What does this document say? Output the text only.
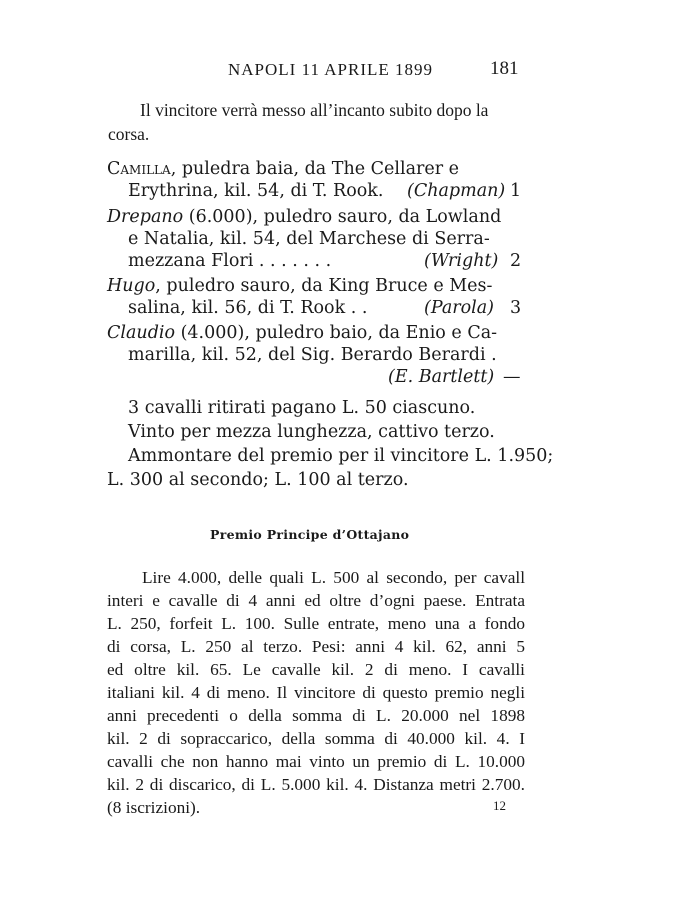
NAPOLI 11 APRILE 1899	181
Il vincitore verrà messo all’incanto subito dopo la
corsa.
Camilla, puledra baia, da The Cellarer e
Erythrina, kil. 54, di T. Rook. (Chapman) 1
Drepano (6.000), puledro sauro, da Lowland
e Natalia, kil. 54, del Marchese di Serra-
mezzana Flori . . . . . . .	(Wright) 2
Hugo, puledro sauro, da King Bruce e Mes-
salina, kil. 56, di T. Rook . .	(Parola) 3
Claudio (4.000), puledro baio, da Enio e Ca-
marilla, kil. 52, del Sig. Berardo Berardi .
(E. Bartlett) —
3 cavalli ritirati pagano L. 50 ciascuno.
Vinto per mezza lunghezza, cattivo terzo.
Ammontare del premio per il vincitore L. 1.950;
L. 300 al secondo; L. 100 al terzo.
Premio Principe d’Ottajano
Lire 4.000, delle quali L. 500 al secondo, per cavall
interi e cavalle di 4 anni ed oltre d’ogni paese. Entrata
L. 250, forfeit L. 100. Sulle entrate, meno una a fondo
di corsa, L. 250 al terzo. Pesi: anni 4 kil. 62, anni 5
ed oltre kil. 65. Le cavalle kil. 2 di meno. I cavalli
italiani kil. 4 di meno. Il vincitore di questo premio negli
anni precedenti o della somma di L. 20.000 nel 1898
kil. 2 di sopraccarico, della somma di 40.000 kil. 4. I
cavalli che non hanno mai vinto un premio di L. 10.000
kil. 2 di discarico, di L. 5.000 kil. 4. Distanza metri 2.700.
(8 iscrizioni).	12
